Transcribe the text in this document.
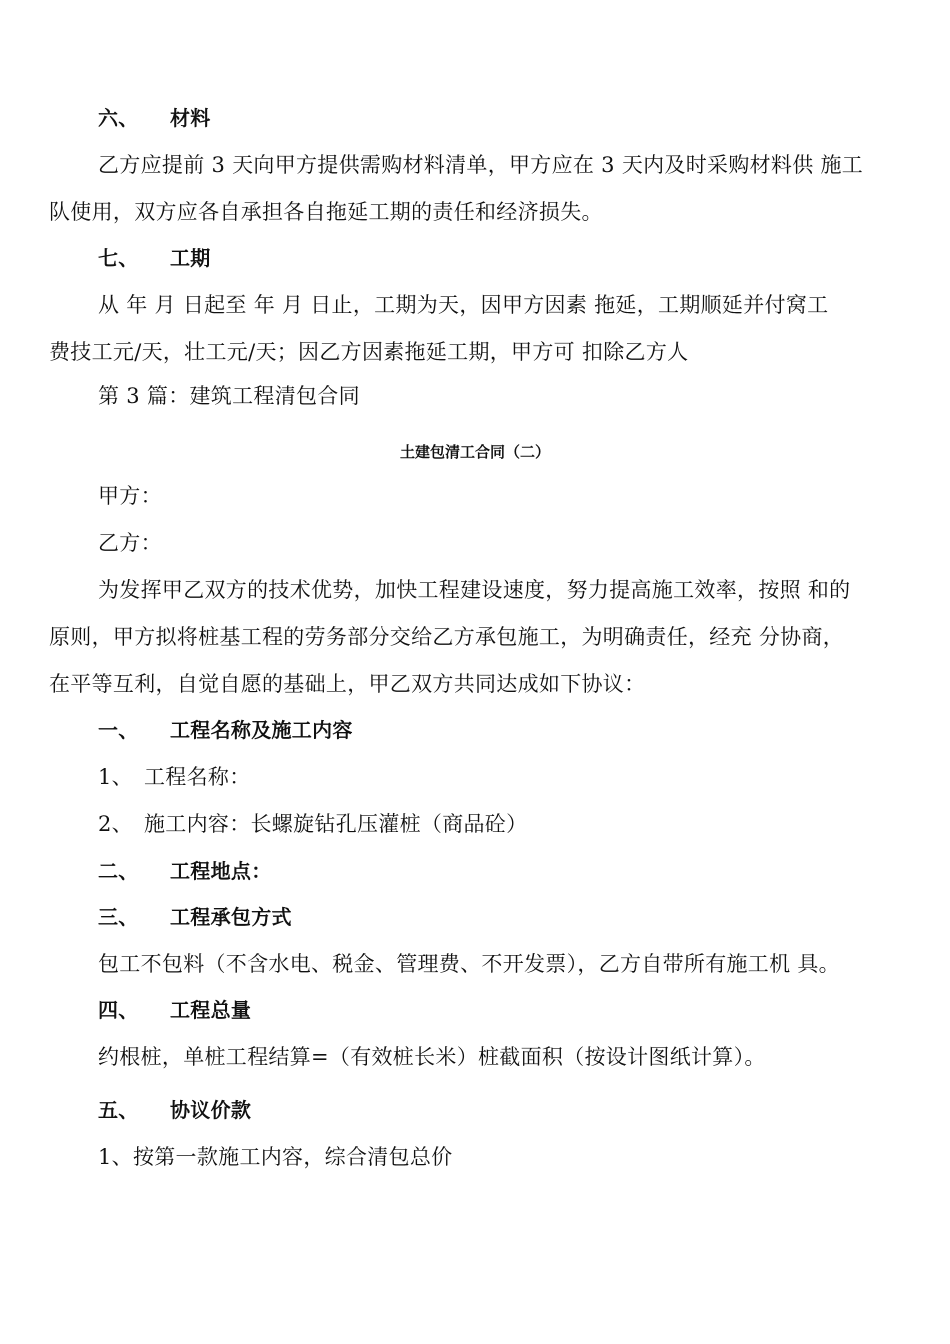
六、 材料
乙方应提前 3 天向甲方提供需购材料清单，甲方应在 3 天内及时采购材料供 施工
队使用，双方应各自承担各自拖延工期的责任和经济损失。
七、 工期
从 年 月 日起至 年 月 日止，工期为天，因甲方因素 拖延，工期顺延并付窝工
费技工元/天，壮工元/天；因乙方因素拖延工期，甲方可 扣除乙方人
第 3 篇：建筑工程清包合同
土建包清工合同（二）
甲方：
乙方：
为发挥甲乙双方的技术优势，加快工程建设速度，努力提高施工效率，按照 和的
原则，甲方拟将桩基工程的劳务部分交给乙方承包施工，为明确责任，经充 分协商，
在平等互利，自觉自愿的基础上，甲乙双方共同达成如下协议：
一、 工程名称及施工内容
1、 工程名称：
2、 施工内容：长螺旋钻孔压灌桩（商品砼）
二、 工程地点：
三、 工程承包方式
包工不包料（不含水电、税金、管理费、不开发票），乙方自带所有施工机 具。
四、 工程总量
约根桩，单桩工程结算=（有效桩长米）桩截面积（按设计图纸计算）。
五、 协议价款
1、按第一款施工内容，综合清包总价
